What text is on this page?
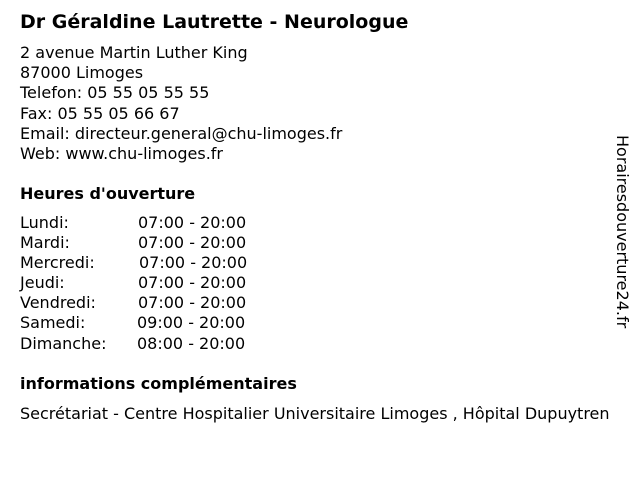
Dr Géraldine Lautrette - Neurologue
2 avenue Martin Luther King
87000 Limoges
Telefon: 05 55 05 55 55
Fax: 05 55 05 66 67
Email: directeur.general@chu-limoges.fr
Web: www.chu-limoges.fr
Heures d'ouverture
Lundi:	07:00 - 20:00
Mardi:	07:00 - 20:00
Mercredi:	07:00 - 20:00
Jeudi:	07:00 - 20:00
Vendredi:	07:00 - 20:00
Samedi:	09:00 - 20:00
Dimanche: 08:00 - 20:00
informations complémentaires
Secrétariat - Centre Hospitalier Universitaire Limoges , Hôpital Dupuytren
Horairesdouverture24.fr
